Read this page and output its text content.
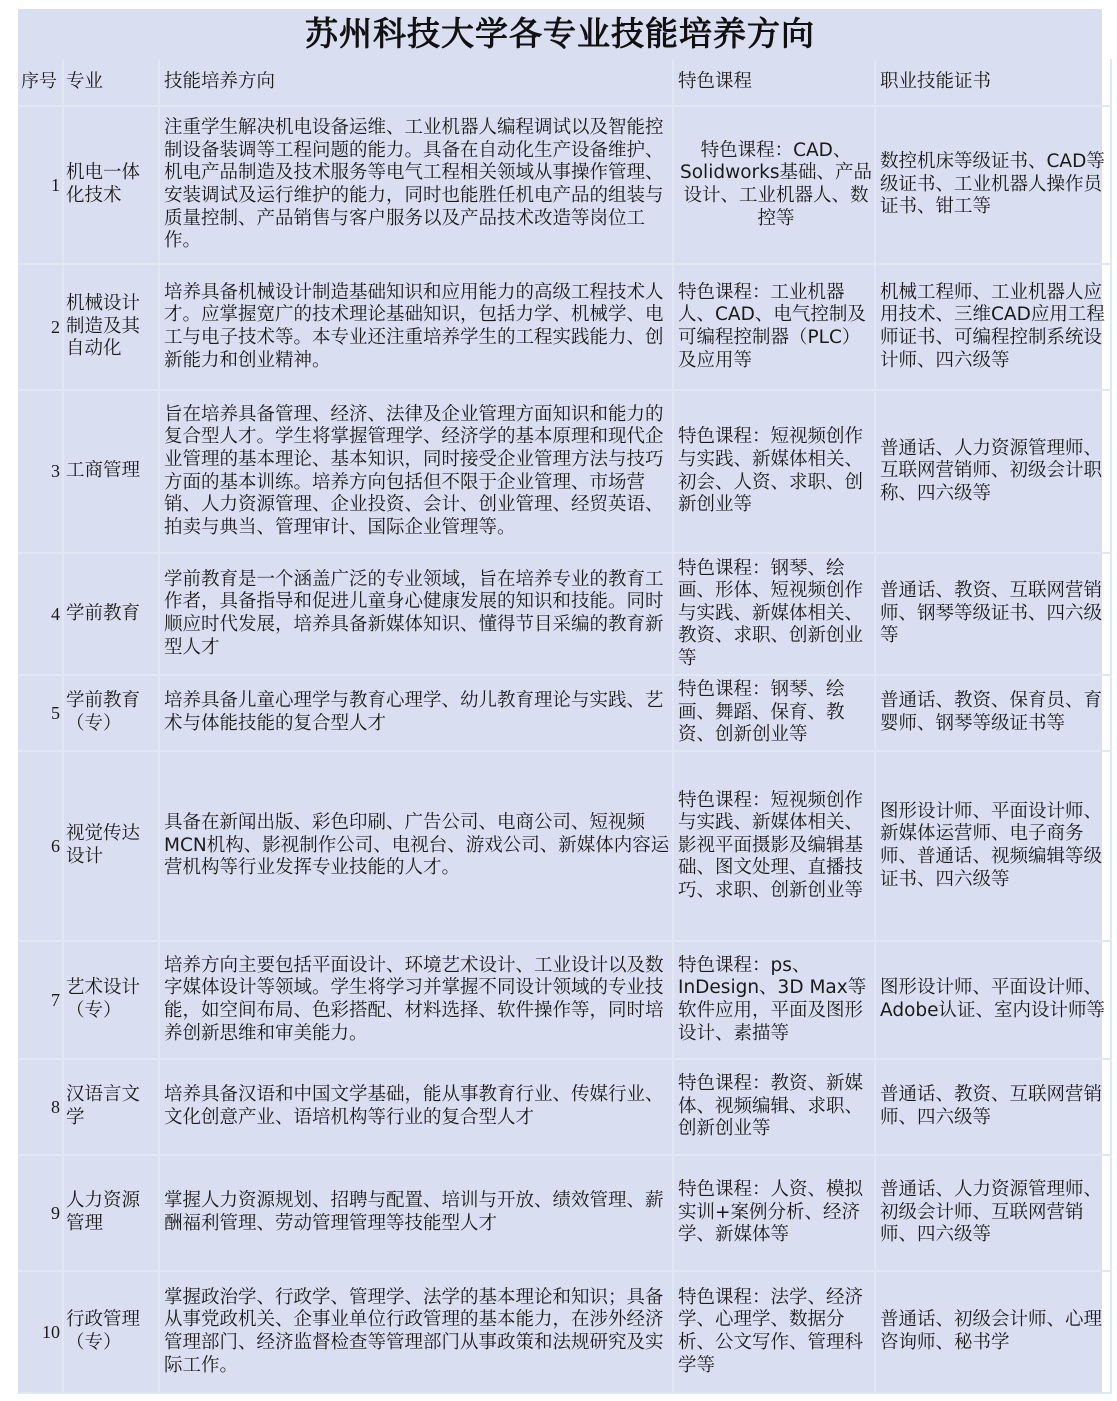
苏州科技大学各专业技能培养方向
序号	专业	技能培养方向	特色课程	职业技能证书
1	机电一体化技术	注重学生解决机电设备运维、工业机器人编程调试以及智能控制设备装调等工程问题的能力。具备在自动化生产设备维护、机电产品制造及技术服务等电气工程相关领域从事操作管理、安装调试及运行维护的能力，同时也能胜任机电产品的组装与质量控制、产品销售与客户服务以及产品技术改造等岗位工作。	特色课程：CAD、Solidworks基础、产品设计、工业机器人、数控等	数控机床等级证书、CAD等级证书、工业机器人操作员证书、钳工等
2	机械设计制造及其自动化	培养具备机械设计制造基础知识和应用能力的高级工程技术人才。应掌握宽广的技术理论基础知识，包括力学、机械学、电工与电子技术等。本专业还注重培养学生的工程实践能力、创新能力和创业精神。	特色课程：工业机器人、CAD、电气控制及可编程控制器（PLC）及应用等	机械工程师、工业机器人应用技术、三维CAD应用工程师证书、可编程控制系统设计师、四六级等
3	工商管理	旨在培养具备管理、经济、法律及企业管理方面知识和能力的复合型人才。学生将掌握管理学、经济学的基本原理和现代企业管理的基本理论、基本知识，同时接受企业管理方法与技巧方面的基本训练。培养方向包括但不限于企业管理、市场营销、人力资源管理、企业投资、会计、创业管理、经贸英语、拍卖与典当、管理审计、国际企业管理等。	特色课程：短视频创作与实践、新媒体相关、初会、人资、求职、创新创业等	普通话、人力资源管理师、互联网营销师、初级会计职称、四六级等
4	学前教育	学前教育是一个涵盖广泛的专业领域，旨在培养专业的教育工作者，具备指导和促进儿童身心健康发展的知识和技能。同时顺应时代发展，培养具备新媒体知识、懂得节目采编的教育新型人才	特色课程：钢琴、绘画、形体、短视频创作与实践、新媒体相关、教资、求职、创新创业等	普通话、教资、互联网营销师、钢琴等级证书、四六级等
5	学前教育（专）	培养具备儿童心理学与教育心理学、幼儿教育理论与实践、艺术与体能技能的复合型人才	特色课程：钢琴、绘画、舞蹈、保育、教资、创新创业等	普通话、教资、保育员、育婴师、钢琴等级证书等
6	视觉传达设计	具备在新闻出版、彩色印刷、广告公司、电商公司、短视频MCN机构、影视制作公司、电视台、游戏公司、新媒体内容运营机构等行业发挥专业技能的人才。	特色课程：短视频创作与实践、新媒体相关、影视平面摄影及编辑基础、图文处理、直播技巧、求职、创新创业等	图形设计师、平面设计师、新媒体运营师、电子商务师、普通话、视频编辑等级证书、四六级等
7	艺术设计（专）	培养方向主要包括平面设计、环境艺术设计、工业设计以及数字媒体设计等领域。学生将学习并掌握不同设计领域的专业技能，如空间布局、色彩搭配、材料选择、软件操作等，同时培养创新思维和审美能力。	特色课程：ps、InDesign、3D Max等软件应用，平面及图形设计、素描等	图形设计师、平面设计师、Adobe认证、室内设计师等
8	汉语言文学	培养具备汉语和中国文学基础，能从事教育行业、传媒行业、文化创意产业、语培机构等行业的复合型人才	特色课程：教资、新媒体、视频编辑、求职、创新创业等	普通话、教资、互联网营销师、四六级等
9	人力资源管理	掌握人力资源规划、招聘与配置、培训与开放、绩效管理、薪酬福利管理、劳动管理管理等技能型人才	特色课程：人资、模拟实训+案例分析、经济学、新媒体等	普通话、人力资源管理师、初级会计师、互联网营销师、四六级等
10	行政管理（专）	掌握政治学、行政学、管理学、法学的基本理论和知识；具备从事党政机关、企事业单位行政管理的基本能力，在涉外经济管理部门、经济监督检查等管理部门从事政策和法规研究及实际工作。	特色课程：法学、经济学、心理学、数据分析、公文写作、管理科学等	普通话、初级会计师、心理咨询师、秘书学
